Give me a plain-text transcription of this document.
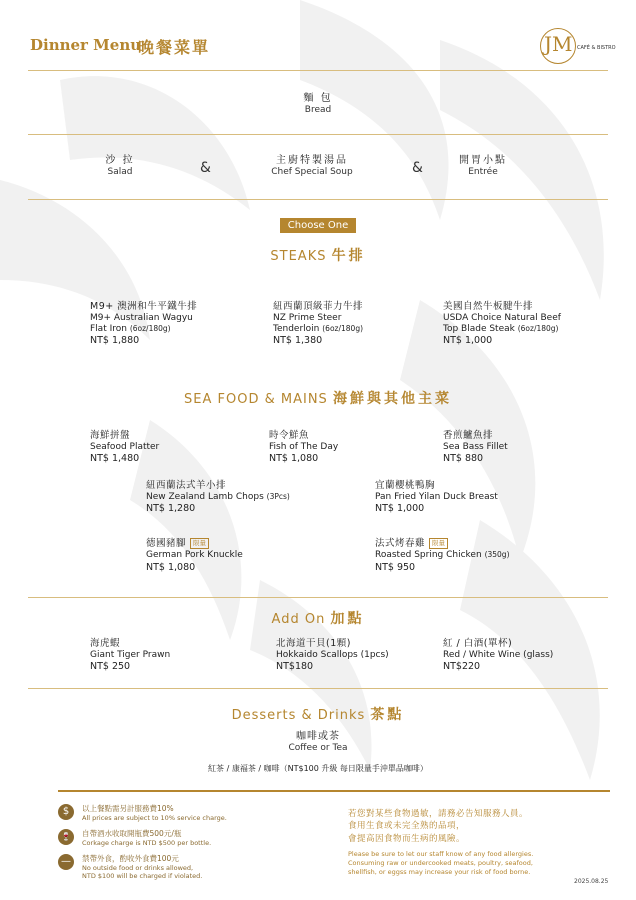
Dinner Menu
晚餐菜單	JM CAFÉ & BISTRO
麵 包
Bread
沙 拉
Salad	&	主廚特製湯品
Chef Special Soup	&	開胃小點
Entrée
Choose One
STEAKS 牛排
M9+ 澳洲和牛平鐵牛排
M9+ Australian Wagyu
Flat Iron (6oz/180g)
NT$ 1,880
紐西蘭頂級菲力牛排
NZ Prime Steer
Tenderloin (6oz/180g)
NT$ 1,380
美國自然牛板腱牛排
USDA Choice Natural Beef
Top Blade Steak (6oz/180g)
NT$ 1,000
SEA FOOD & MAINS 海鮮與其他主菜
海鮮拼盤
Seafood Platter
NT$ 1,480
時令鮮魚
Fish of The Day
NT$ 1,080
香煎鱸魚排
Sea Bass Fillet
NT$ 880
紐西蘭法式羊小排
New Zealand Lamb Chops (3Pcs)
NT$ 1,280
宜蘭櫻桃鴨胸
Pan Fried Yilan Duck Breast
NT$ 1,000
德國豬腳 限量
German Pork Knuckle
NT$ 1,080
法式烤春雞 限量
Roasted Spring Chicken (350g)
NT$ 950
Add On 加點
海虎蝦
Giant Tiger Prawn
NT$ 250
北海道干貝(1顆)
Hokkaido Scallops (1pcs)
NT$180
紅 / 白酒(單杯)
Red / White Wine (glass)
NT$220
Desserts & Drinks 茶點
咖啡或茶
Coffee or Tea
紅茶 / 康福茶 / 咖啡（NT$100 升級 每日限量手沖單品咖啡）
$	以上餐點需另計服務費10%
All prices are subject to 10% service charge.
🍷	自帶酒水收取開瓶費500元/瓶
Corkage charge is NTD $500 per bottle.
—	禁帶外食，酌收外食費100元
No outside food or drinks allowed,
NTD $100 will be charged if violated.
若您對某些食物過敏，請務必告知服務人員。
食用生食或未完全熟的品項，
會提高因食物而生病的風險。
Please be sure to let our staff know of any food allergies.
Consuming raw or undercooked meats, poultry, seafood,
shellfish, or eggss may increase your risk of food borne.
2025.08.25
